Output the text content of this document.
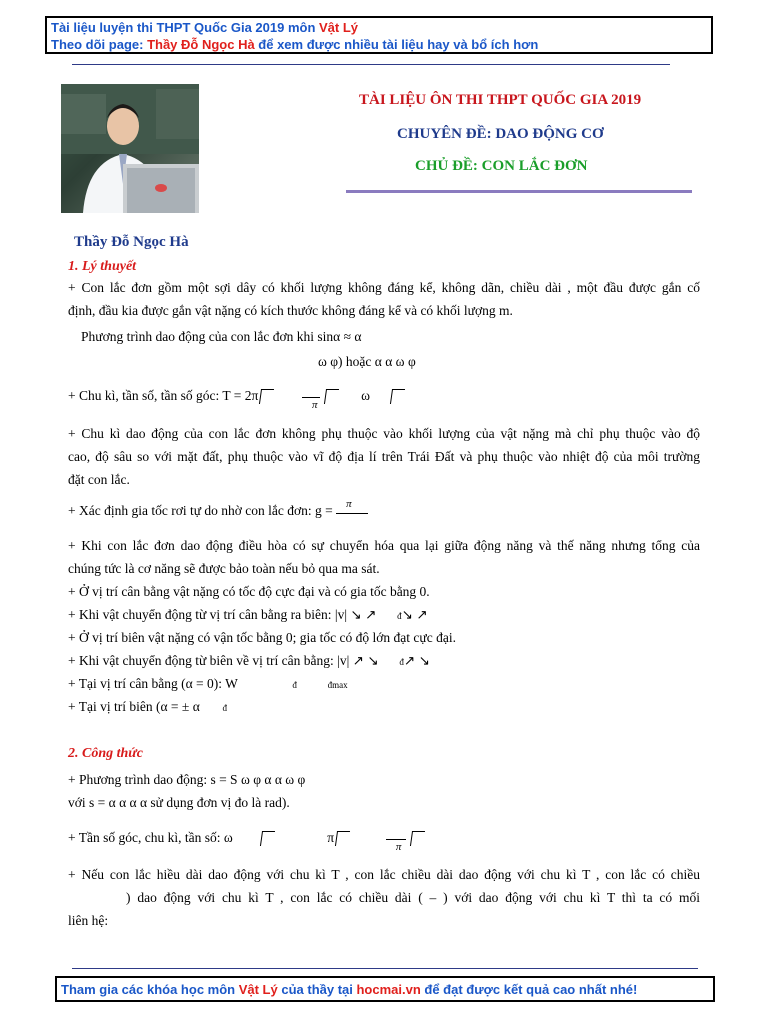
Tài liệu luyện thi THPT Quốc Gia 2019 môn Vật Lý
Theo dõi page: Thầy Đỗ Ngọc Hà để xem được nhiều tài liệu hay và bổ ích hơn
TÀI LIỆU ÔN THI THPT QUỐC GIA 2019
CHUYÊN ĐỀ: DAO ĐỘNG CƠ
CHỦ ĐỀ: CON LẮC ĐƠN
Thầy Đỗ Ngọc Hà
1. Lý thuyết
+ Con lắc đơn gồm một sợi dây có khối lượng không đáng kể, không dãn, chiều dài , một đầu được gắn cố
định, đầu kia được gắn vật nặng có kích thước không đáng kể và có khối lượng m.
Phương trình dao động của con lắc đơn khi sinα ≈ α
ω φ) hoặc α α ω φ
+ Chu kì, tần số, tần số góc: T = 2π
π
ω
+ Chu kì dao động của con lắc đơn không phụ thuộc vào khối lượng của vật nặng mà chỉ phụ thuộc vào độ
cao, độ sâu so với mặt đất, phụ thuộc vào vĩ độ địa lí trên Trái Đất và phụ thuộc vào nhiệt độ của môi trường
đặt con lắc.
+ Xác định gia tốc rơi tự do nhờ con lắc đơn: g = π
+ Khi con lắc đơn dao động điều hòa có sự chuyển hóa qua lại giữa động năng và thế năng nhưng tổng của
chúng tức là cơ năng sẽ được bảo toàn nếu bỏ qua ma sát.
+ Ở vị trí cân bằng vật nặng có tốc độ cực đại và có gia tốc bằng 0.
+ Khi vật chuyển động từ vị trí cân bằng ra biên: |v| ↘ ↗ đ↘ ↗
+ Ở vị trí biên vật nặng có vận tốc bằng 0; gia tốc có độ lớn đạt cực đại.
+ Khi vật chuyển động từ biên về vị trí cân bằng: |v| ↗ ↘ đ↗ ↘
+ Tại vị trí cân bằng (α = 0): W	đ	đmax
+ Tại vị trí biên (α = ± α	đ
2. Công thức
+ Phương trình dao động: s = S ω φ α α ω φ
với s = α α α α sử dụng đơn vị đo là rad).
+ Tần số góc, chu kì, tần số: ω	π
π

+ Nếu con lắc hiều dài dao động với chu kì T , con lắc chiều dài dao động với chu kì T , con lắc có chiều
) dao động với chu kì T , con lắc có chiều dài ( – ) với dao động với chu kì T thì ta có mối
liên hệ:
Tham gia các khóa học môn Vật Lý của thầy tại hocmai.vn để đạt được kết quả cao nhất nhé!
